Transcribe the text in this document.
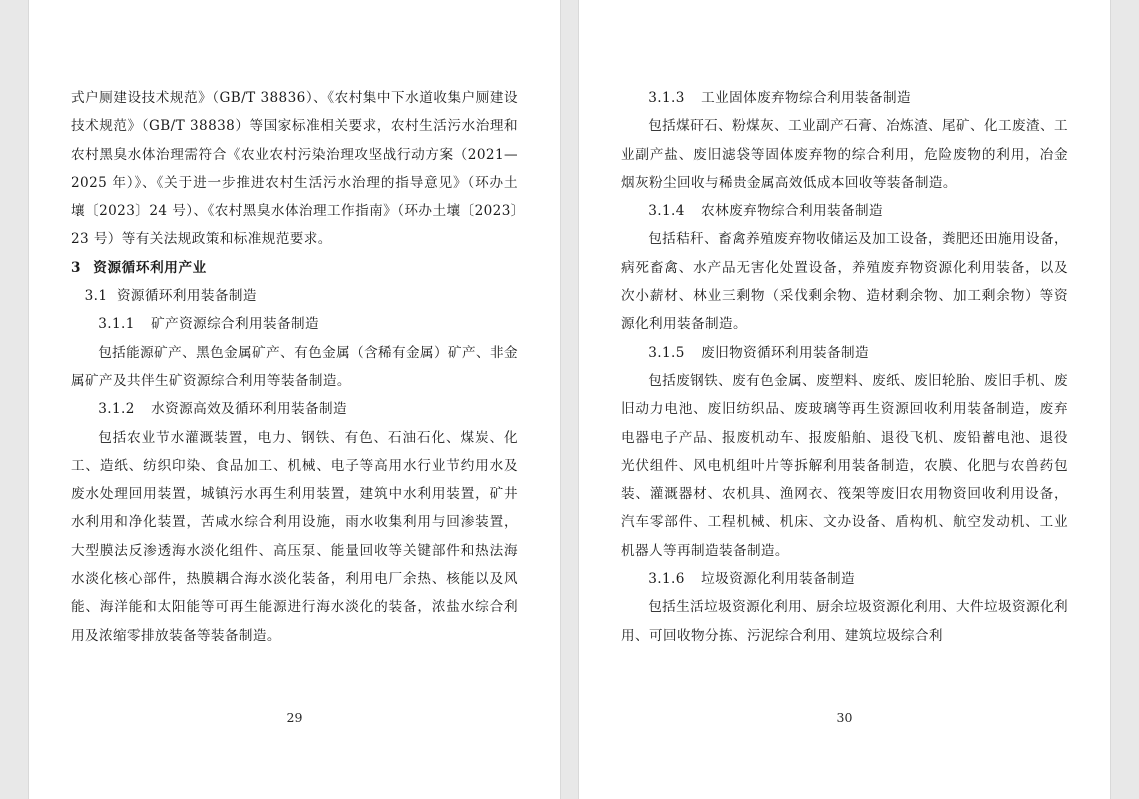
式户厕建设技术规范》（GB/T 38836）、《农村集中下水道收集户厕建设技术规范》（GB/T 38838）等国家标准相关要求，农村生活污水治理和农村黑臭水体治理需符合《农业农村污染治理攻坚战行动方案（2021—2025 年）》、《关于进一步推进农村生活污水治理的指导意见》（环办土壤〔2023〕24 号）、《农村黑臭水体治理工作指南》（环办土壤〔2023〕23 号）等有关法规政策和标准规范要求。

3 资源循环利用产业

3.1 资源循环利用装备制造

3.1.1 矿产资源综合利用装备制造

包括能源矿产、黑色金属矿产、有色金属（含稀有金属）矿产、非金属矿产及共伴生矿资源综合利用等装备制造。

3.1.2 水资源高效及循环利用装备制造

包括农业节水灌溉装置，电力、钢铁、有色、石油石化、煤炭、化工、造纸、纺织印染、食品加工、机械、电子等高用水行业节约用水及废水处理回用装置，城镇污水再生利用装置，建筑中水利用装置，矿井水利用和净化装置，苦咸水综合利用设施，雨水收集利用与回渗装置，大型膜法反渗透海水淡化组件、高压泵、能量回收等关键部件和热法海水淡化核心部件，热膜耦合海水淡化装备，利用电厂余热、核能以及风能、海洋能和太阳能等可再生能源进行海水淡化的装备，浓盐水综合利用及浓缩零排放装备等装备制造。

29

3.1.3 工业固体废弃物综合利用装备制造

包括煤矸石、粉煤灰、工业副产石膏、冶炼渣、尾矿、化工废渣、工业副产盐、废旧滤袋等固体废弃物的综合利用，危险废物的利用，冶金烟灰粉尘回收与稀贵金属高效低成本回收等装备制造。

3.1.4 农林废弃物综合利用装备制造

包括秸秆、畜禽养殖废弃物收储运及加工设备，粪肥还田施用设备，病死畜禽、水产品无害化处置设备，养殖废弃物资源化利用装备，以及次小薪材、林业三剩物（采伐剩余物、造材剩余物、加工剩余物）等资源化利用装备制造。

3.1.5 废旧物资循环利用装备制造

包括废钢铁、废有色金属、废塑料、废纸、废旧轮胎、废旧手机、废旧动力电池、废旧纺织品、废玻璃等再生资源回收利用装备制造，废弃电器电子产品、报废机动车、报废船舶、退役飞机、废铅蓄电池、退役光伏组件、风电机组叶片等拆解利用装备制造，农膜、化肥与农兽药包装、灌溉器材、农机具、渔网衣、筏架等废旧农用物资回收利用设备，汽车零部件、工程机械、机床、文办设备、盾构机、航空发动机、工业机器人等再制造装备制造。

3.1.6 垃圾资源化利用装备制造

包括生活垃圾资源化利用、厨余垃圾资源化利用、大件垃圾资源化利用、可回收物分拣、污泥综合利用、建筑垃圾综合利

30
